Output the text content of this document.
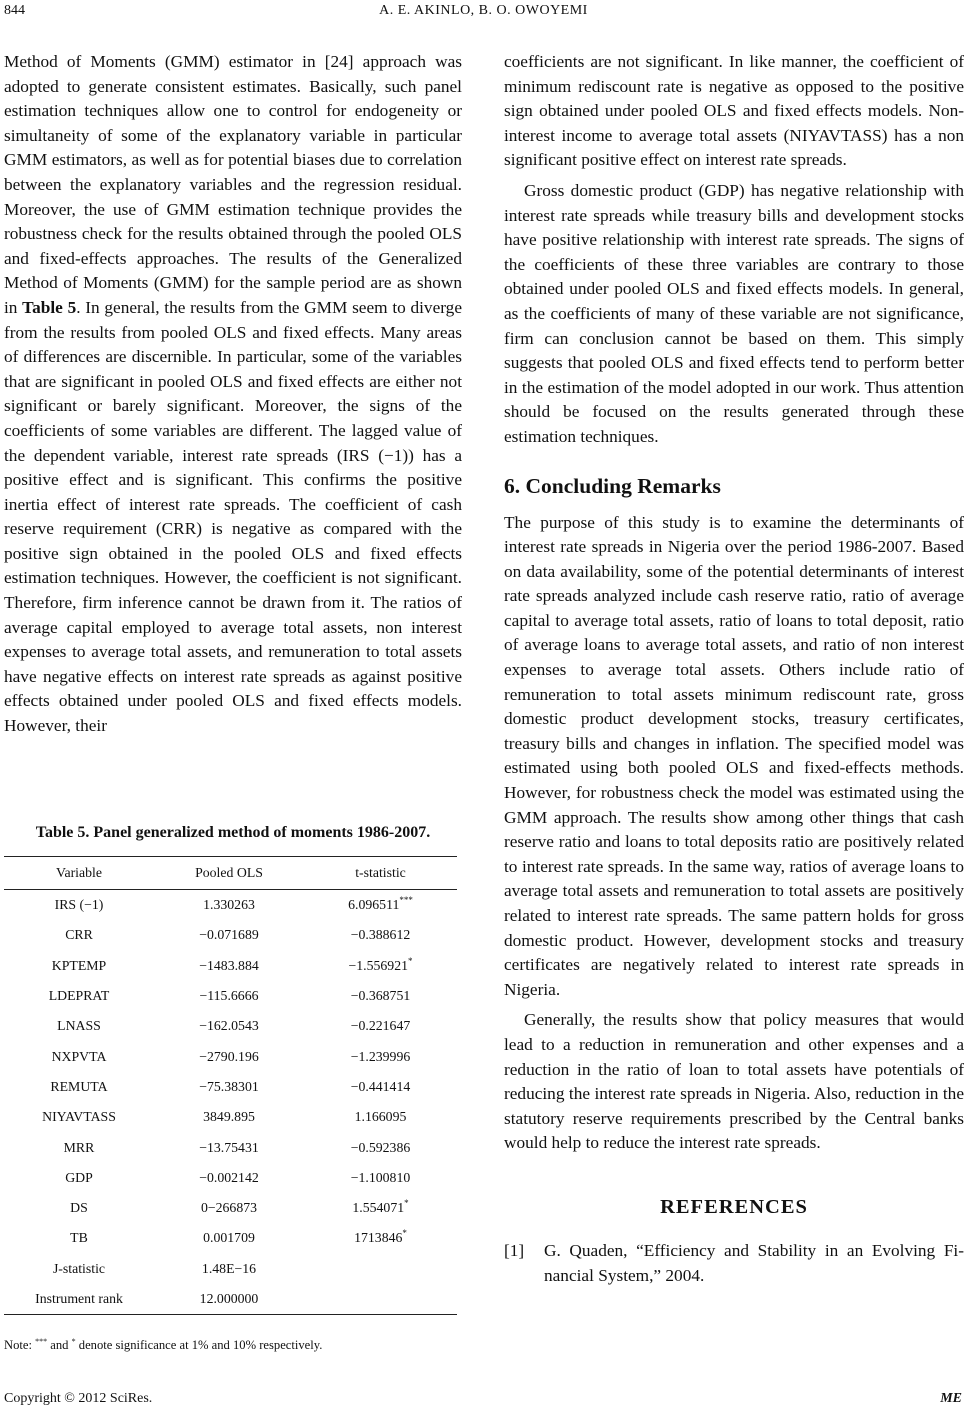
844	A. E. AKINLO, B. O. OWOYEMI

Method of Moments (GMM) estimator in [24] approach was adopted to generate consistent estimates. Basically, such panel estimation techniques allow one to control for endogeneity or simultaneity of some of the explanatory variable in particular GMM estimators, as well as for potential biases due to correlation between the explanatory variables and the regression residual. Moreover, the use of GMM estimation technique provides the robustness check for the results obtained through the pooled OLS and fixed-effects approaches. The results of the Generalized Method of Moments (GMM) for the sample period are as shown in Table 5. In general, the results from the GMM seem to diverge from the results from pooled OLS and fixed effects. Many areas of differences are discernible. In particular, some of the variables that are significant in pooled OLS and fixed effects are either not significant or barely significant. Moreover, the signs of the coefficients of some variables are different. The lagged value of the dependent variable, interest rate spreads (IRS (−1)) has a positive effect and is significant. This confirms the positive inertia effect of interest rate spreads. The coefficient of cash reserve requirement (CRR) is negative as compared with the positive sign obtained in the pooled OLS and fixed effects estimation techniques. However, the coefficient is not significant. Therefore, firm inference cannot be drawn from it. The ratios of average capital employed to average total assets, non interest expenses to average total assets, and remuneration to total assets have negative effects on interest rate spreads as against positive effects obtained under pooled OLS and fixed effects models. However, their

Table 5. Panel generalized method of moments 1986-2007.
Variable	Pooled OLS	t-statistic
IRS (−1)	1.330263	6.096511***
CRR	−0.071689	−0.388612
KPTEMP	−1483.884	−1.556921*
LDEPRAT	−115.6666	−0.368751
LNASS	−162.0543	−0.221647
NXPVTA	−2790.196	−1.239996
REMUTA	−75.38301	−0.441414
NIYAVTASS	3849.895	1.166095
MRR	−13.75431	−0.592386
GDP	−0.002142	−1.100810
DS	0−266873	1.554071*
TB	0.001709	1713846*
J-statistic	1.48E−16	
Instrument rank	12.000000	
Note: *** and * denote significance at 1% and 10% respectively.

coefficients are not significant. In like manner, the coefficient of minimum rediscount rate is negative as opposed to the positive sign obtained under pooled OLS and fixed effects models. Non-interest income to average total assets (NIYAVTASS) has a non significant positive effect on interest rate spreads.

Gross domestic product (GDP) has negative relationship with interest rate spreads while treasury bills and development stocks have positive relationship with interest rate spreads. The signs of the coefficients of these three variables are contrary to those obtained under pooled OLS and fixed effects models. In general, as the coefficients of many of these variable are not significance, firm can conclusion cannot be based on them. This simply suggests that pooled OLS and fixed effects tend to perform better in the estimation of the model adopted in our work. Thus attention should be focused on the results generated through these estimation techniques.

6. Concluding Remarks

The purpose of this study is to examine the determinants of interest rate spreads in Nigeria over the period 1986-2007. Based on data availability, some of the potential determinants of interest rate spreads analyzed include cash reserve ratio, ratio of average capital to average total assets, ratio of loans to total deposit, ratio of average loans to average total assets, and ratio of non interest expenses to average total assets. Others include ratio of remuneration to total assets minimum rediscount rate, gross domestic product development stocks, treasury certificates, treasury bills and changes in inflation. The specified model was estimated using both pooled OLS and fixed-effects methods. However, for robustness check the model was estimated using the GMM approach. The results show among other things that cash reserve ratio and loans to total deposits ratio are positively related to interest rate spreads. In the same way, ratios of average loans to average total assets and remuneration to total assets are positively related to interest rate spreads. The same pattern holds for gross domestic product. However, development stocks and treasury certificates are negatively related to interest rate spreads in Nigeria.

Generally, the results show that policy measures that would lead to a reduction in remuneration and other expenses and a reduction in the ratio of loan to total assets have potentials of reducing the interest rate spreads in Nigeria. Also, reduction in the statutory reserve requirements prescribed by the Central banks would help to reduce the interest rate spreads.

REFERENCES
[1] G. Quaden, “Efficiency and Stability in an Evolving Financial System,” 2004.
Copyright © 2012 SciRes.	ME
